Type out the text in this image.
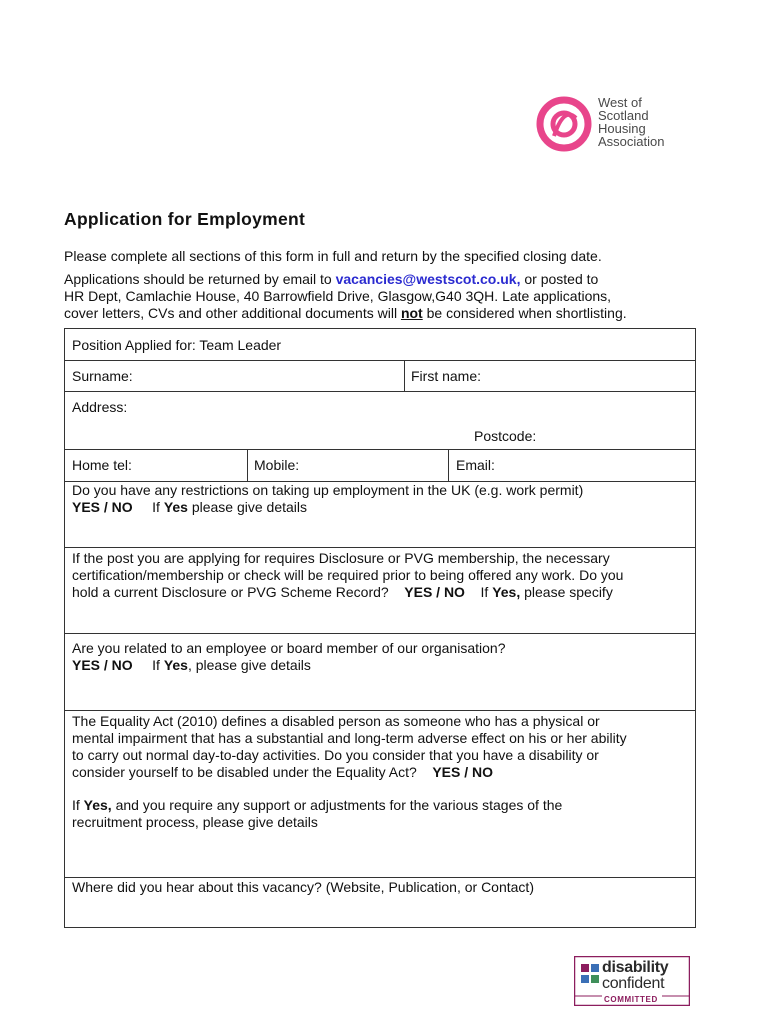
West of
Scotland
Housing
Association
Application for Employment
Please complete all sections of this form in full and return by the specified closing date.
Applications should be returned by email to vacancies@westscot.co.uk, or posted to
HR Dept, Camlachie House, 40 Barrowfield Drive, Glasgow,G40 3QH. Late applications,
cover letters, CVs and other additional documents will not be considered when shortlisting.
Position Applied for: Team Leader
Surname:	First name:
Address:
Postcode:
Home tel:	Mobile:	Email:
Do you have any restrictions on taking up employment in the UK (e.g. work permit)
YES / NO If Yes please give details
If the post you are applying for requires Disclosure or PVG membership, the necessary
certification/membership or check will be required prior to being offered any work. Do you
hold a current Disclosure or PVG Scheme Record? YES / NO If Yes, please specify
Are you related to an employee or board member of our organisation?
YES / NO If Yes, please give details
The Equality Act (2010) defines a disabled person as someone who has a physical or
mental impairment that has a substantial and long-term adverse effect on his or her ability
to carry out normal day-to-day activities. Do you consider that you have a disability or
consider yourself to be disabled under the Equality Act? YES / NO
If Yes, and you require any support or adjustments for the various stages of the
recruitment process, please give details
Where did you hear about this vacancy? (Website, Publication, or Contact)
disability
confident
COMMITTED
